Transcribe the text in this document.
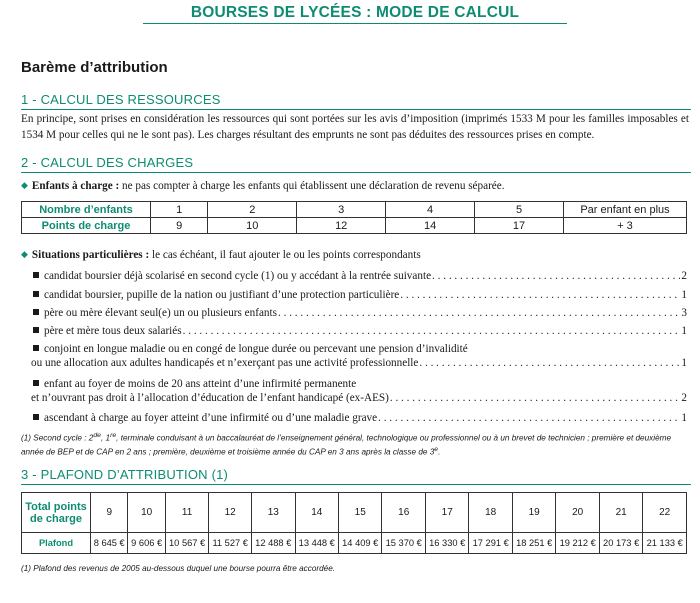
BOURSES DE LYCÉES : MODE DE CALCUL
Barème d’attribution
1 - CALCUL DES RESSOURCES
En principe, sont prises en considération les ressources qui sont portées sur les avis d’imposition (imprimés 1533 M pour les familles imposables et 1534 M pour celles qui ne le sont pas). Les charges résultant des emprunts ne sont pas déduites des ressources prises en compte.
2 - CALCUL DES CHARGES
◆ Enfants à charge : ne pas compter à charge les enfants qui établissent une déclaration de revenu séparée.
Nombre d’enfants	1	2	3	4	5	Par enfant en plus
Points de charge	9	10	12	14	17	+ 3
◆ Situations particulières : le cas échéant, il faut ajouter le ou les points correspondants
candidat boursier déjà scolarisé en second cycle (1) ou y accédant à la rentrée suivante . . .	2
candidat boursier, pupille de la nation ou justifiant d’une protection particulière . . .	1
père ou mère élevant seul(e) un ou plusieurs enfants . . .	3
père et mère tous deux salariés . . .	1
conjoint en longue maladie ou en congé de longue durée ou percevant une pension d’invalidité
ou une allocation aux adultes handicapés et n’exerçant pas une activité professionnelle . . .	1
enfant au foyer de moins de 20 ans atteint d’une infirmité permanente
et n’ouvrant pas droit à l’allocation d’éducation de l’enfant handicapé (ex-AES) . . .	2
ascendant à charge au foyer atteint d’une infirmité ou d’une maladie grave . . .	1
(1) Second cycle : 2de, 1re, terminale conduisant à un baccalauréat de l’enseignement général, technologique ou professionnel ou à un brevet de technicien ; première et deuxième année de BEP et de CAP en 2 ans ; première, deuxième et troisième année du CAP en 3 ans après la classe de 3e.
3 - PLAFOND D’ATTRIBUTION (1)
Total points de charge	9	10	11	12	13	14	15	16	17	18	19	20	21	22
Plafond	8 645 €	9 606 €	10 567 €	11 527 €	12 488 €	13 448 €	14 409 €	15 370 €	16 330 €	17 291 €	18 251 €	19 212 €	20 173 €	21 133 €
(1) Plafond des revenus de 2005 au-dessous duquel une bourse pourra être accordée.
